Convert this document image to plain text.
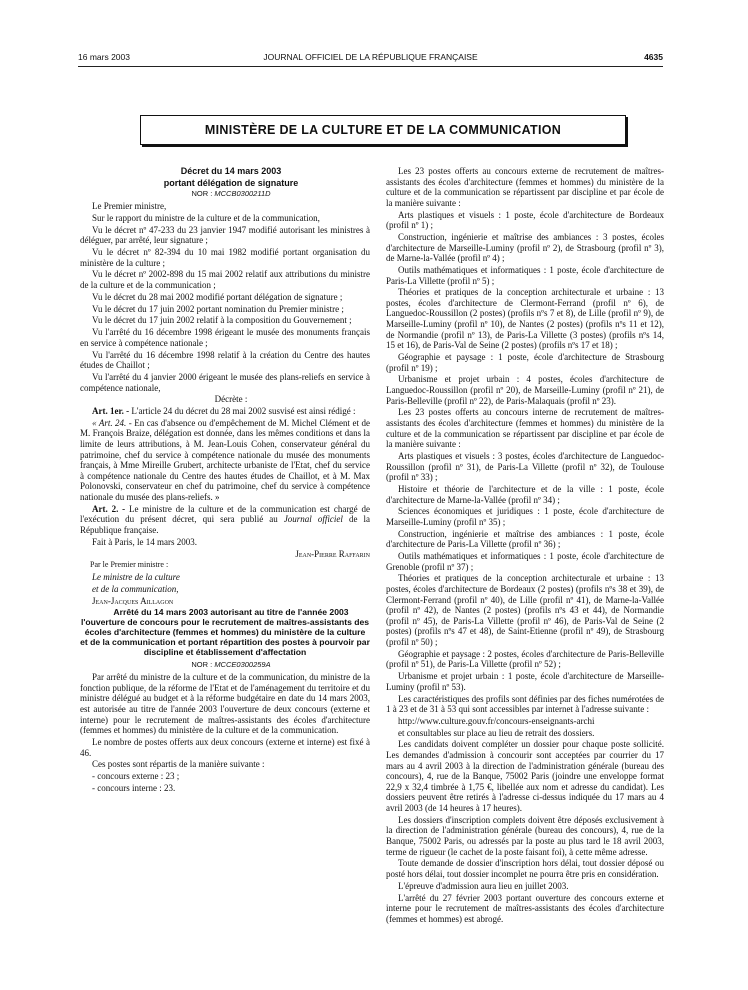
16 mars 2003	JOURNAL OFFICIEL DE LA RÉPUBLIQUE FRANÇAISE	4635
MINISTÈRE DE LA CULTURE ET DE LA COMMUNICATION

Décret du 14 mars 2003

portant délégation de signature

NOR : MCCB0300211D

Le Premier ministre,

Sur le rapport du ministre de la culture et de la communication,

Vu le décret nº 47-233 du 23 janvier 1947 modifié autorisant les ministres à déléguer, par arrêté, leur signature ;

Vu le décret nº 82-394 du 10 mai 1982 modifié portant organisation du ministère de la culture ;

Vu le décret nº 2002-898 du 15 mai 2002 relatif aux attributions du ministre de la culture et de la communication ;

Vu le décret du 28 mai 2002 modifié portant délégation de signature ;

Vu le décret du 17 juin 2002 portant nomination du Premier ministre ;

Vu le décret du 17 juin 2002 relatif à la composition du Gouvernement ;

Vu l'arrêté du 16 décembre 1998 érigeant le musée des monuments français en service à compétence nationale ;

Vu l'arrêté du 16 décembre 1998 relatif à la création du Centre des hautes études de Chaillot ;

Vu l'arrêté du 4 janvier 2000 érigeant le musée des plans-reliefs en service à compétence nationale,

Décrète :

Art. 1er. - L'article 24 du décret du 28 mai 2002 susvisé est ainsi rédigé :

« Art. 24. - En cas d'absence ou d'empêchement de M. Michel Clément et de M. François Braize, délégation est donnée, dans les mêmes conditions et dans la limite de leurs attributions, à M. Jean-Louis Cohen, conservateur général du patrimoine, chef du service à compétence nationale du musée des monuments français, à Mme Mireille Grubert, architecte urbaniste de l'Etat, chef du service à compétence nationale du Centre des hautes études de Chaillot, et à M. Max Polonovski, conservateur en chef du patrimoine, chef du service à compétence nationale du musée des plans-reliefs. »

Art. 2. - Le ministre de la culture et de la communication est chargé de l'exécution du présent décret, qui sera publié au Journal officiel de la République française.

Fait à Paris, le 14 mars 2003.

Jean-Pierre Raffarin

Par le Premier ministre :

Le ministre de la culture

et de la communication,

Jean-Jacques Aillagon

Arrêté du 14 mars 2003 autorisant au titre de l'année 2003 l'ouverture de concours pour le recrutement de maîtres-assistants des écoles d'architecture (femmes et hommes) du ministère de la culture et de la communication et portant répartition des postes à pourvoir par discipline et établissement d'affectation

NOR : MCCE0300259A

Par arrêté du ministre de la culture et de la communication, du ministre de la fonction publique, de la réforme de l'Etat et de l'aménagement du territoire et du ministre délégué au budget et à la réforme budgétaire en date du 14 mars 2003, est autorisée au titre de l'année 2003 l'ouverture de deux concours (externe et interne) pour le recrutement de maîtres-assistants des écoles d'architecture (femmes et hommes) du ministère de la culture et de la communication.

Le nombre de postes offerts aux deux concours (externe et interne) est fixé à 46.

Ces postes sont répartis de la manière suivante :

- concours externe : 23 ;

- concours interne : 23.

Les 23 postes offerts au concours externe de recrutement de maîtres-assistants des écoles d'architecture (femmes et hommes) du ministère de la culture et de la communication se répartissent par discipline et par école de la manière suivante :

Arts plastiques et visuels : 1 poste, école d'architecture de Bordeaux (profil nº 1) ;

Construction, ingénierie et maîtrise des ambiances : 3 postes, écoles d'architecture de Marseille-Luminy (profil nº 2), de Strasbourg (profil nº 3), de Marne-la-Vallée (profil nº 4) ;

Outils mathématiques et informatiques : 1 poste, école d'architecture de Paris-La Villette (profil nº 5) ;

Théories et pratiques de la conception architecturale et urbaine : 13 postes, écoles d'architecture de Clermont-Ferrand (profil nº 6), de Languedoc-Roussillon (2 postes) (profils nºs 7 et 8), de Lille (profil nº 9), de Marseille-Luminy (profil nº 10), de Nantes (2 postes) (profils nºs 11 et 12), de Normandie (profil nº 13), de Paris-La Villette (3 postes) (profils nºs 14, 15 et 16), de Paris-Val de Seine (2 postes) (profils nºs 17 et 18) ;

Géographie et paysage : 1 poste, école d'architecture de Strasbourg (profil nº 19) ;

Urbanisme et projet urbain : 4 postes, écoles d'architecture de Languedoc-Roussillon (profil nº 20), de Marseille-Luminy (profil nº 21), de Paris-Belleville (profil nº 22), de Paris-Malaquais (profil nº 23).

Les 23 postes offerts au concours interne de recrutement de maîtres-assistants des écoles d'architecture (femmes et hommes) du ministère de la culture et de la communication se répartissent par discipline et par école de la manière suivante :

Arts plastiques et visuels : 3 postes, écoles d'architecture de Languedoc-Roussillon (profil nº 31), de Paris-La Villette (profil nº 32), de Toulouse (profil nº 33) ;

Histoire et théorie de l'architecture et de la ville : 1 poste, école d'architecture de Marne-la-Vallée (profil nº 34) ;

Sciences économiques et juridiques : 1 poste, école d'architecture de Marseille-Luminy (profil nº 35) ;

Construction, ingénierie et maîtrise des ambiances : 1 poste, école d'architecture de Paris-La Villette (profil nº 36) ;

Outils mathématiques et informatiques : 1 poste, école d'architecture de Grenoble (profil nº 37) ;

Théories et pratiques de la conception architecturale et urbaine : 13 postes, écoles d'architecture de Bordeaux (2 postes) (profils nºs 38 et 39), de Clermont-Ferrand (profil nº 40), de Lille (profil nº 41), de Marne-la-Vallée (profil nº 42), de Nantes (2 postes) (profils nºs 43 et 44), de Normandie (profil nº 45), de Paris-La Villette (profil nº 46), de Paris-Val de Seine (2 postes) (profils nºs 47 et 48), de Saint-Etienne (profil nº 49), de Strasbourg (profil nº 50) ;

Géographie et paysage : 2 postes, écoles d'architecture de Paris-Belleville (profil nº 51), de Paris-La Villette (profil nº 52) ;

Urbanisme et projet urbain : 1 poste, école d'architecture de Marseille-Luminy (profil nº 53).

Les caractéristiques des profils sont définies par des fiches numérotées de 1 à 23 et de 31 à 53 qui sont accessibles par internet à l'adresse suivante :

http://www.culture.gouv.fr/concours-enseignants-archi

et consultables sur place au lieu de retrait des dossiers.

Les candidats doivent compléter un dossier pour chaque poste sollicité. Les demandes d'admission à concourir sont acceptées par courrier du 17 mars au 4 avril 2003 à la direction de l'administration générale (bureau des concours), 4, rue de la Banque, 75002 Paris (joindre une enveloppe format 22,9 x 32,4 timbrée à 1,75 €, libellée aux nom et adresse du candidat). Les dossiers peuvent être retirés à l'adresse ci-dessus indiquée du 17 mars au 4 avril 2003 (de 14 heures à 17 heures).

Les dossiers d'inscription complets doivent être déposés exclusivement à la direction de l'administration générale (bureau des concours), 4, rue de la Banque, 75002 Paris, ou adressés par la poste au plus tard le 18 avril 2003, terme de rigueur (le cachet de la poste faisant foi), à cette même adresse.

Toute demande de dossier d'inscription hors délai, tout dossier déposé ou posté hors délai, tout dossier incomplet ne pourra être pris en considération.

L'épreuve d'admission aura lieu en juillet 2003.

L'arrêté du 27 février 2003 portant ouverture des concours externe et interne pour le recrutement de maîtres-assistants des écoles d'architecture (femmes et hommes) est abrogé.
